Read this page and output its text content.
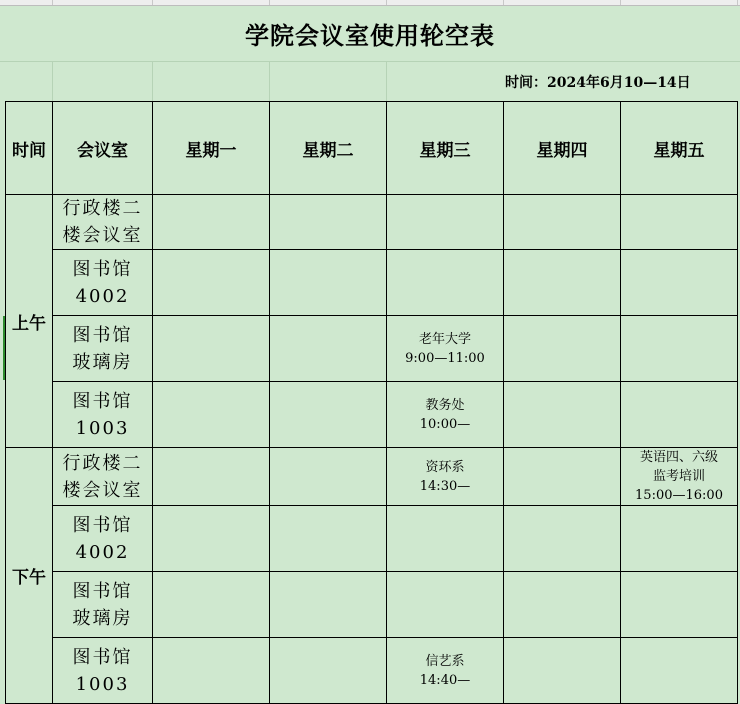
学院会议室使用轮空表
时间：2024年6月10—14日
时间	会议室	星期一	星期二	星期三	星期四	星期五
上午	行政楼二
楼会议室					

	图书馆
4002					

	图书馆
玻璃房			老年大学
9:00—11:00		

	图书馆
1003			教务处
10:00—		

下午	行政楼二
楼会议室			资环系
14:30—		英语四、六级
监考培训
15:00—16:00

	图书馆
4002					

	图书馆
玻璃房					

	图书馆
1003			信艺系
14:40—		
